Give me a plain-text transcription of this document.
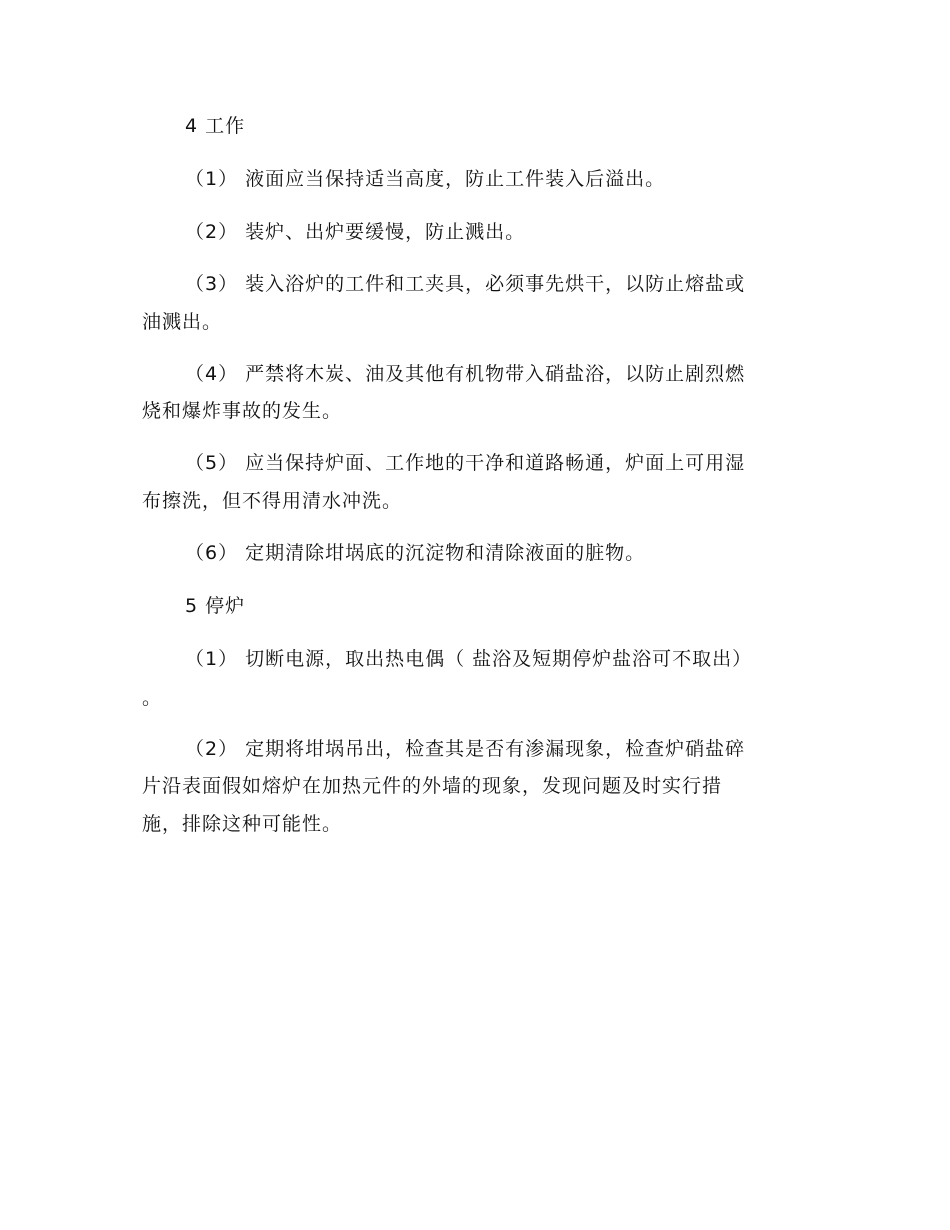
4 工作
（1） 液面应当保持适当高度，防止工件装入后溢出。
（2） 装炉、出炉要缓慢，防止溅出。
（3） 装入浴炉的工件和工夹具，必须事先烘干，以防止熔盐或
油溅出。
（4） 严禁将木炭、油及其他有机物带入硝盐浴，以防止剧烈燃
烧和爆炸事故的发生。
（5） 应当保持炉面、工作地的干净和道路畅通，炉面上可用湿
布擦洗，但不得用清水冲洗。
（6） 定期清除坩埚底的沉淀物和清除液面的脏物。
5 停炉
（1） 切断电源，取出热电偶（ 盐浴及短期停炉盐浴可不取出）
。
（2） 定期将坩埚吊出，检查其是否有渗漏现象，检查炉硝盐碎
片沿表面假如熔炉在加热元件的外墙的现象，发现问题及时实行措
施，排除这种可能性。
